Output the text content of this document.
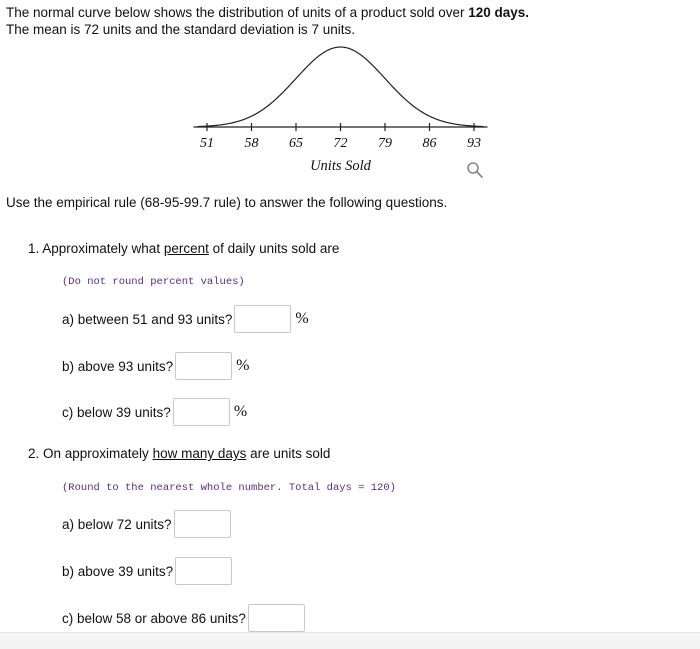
The normal curve below shows the distribution of units of a product sold over 120 days.
The mean is 72 units and the standard deviation is 7 units.
51 58 65 72 79 86 93
Units Sold
Use the empirical rule (68-95-99.7 rule) to answer the following questions.
1. Approximately what percent of daily units sold are
(Do not round percent values)
a) between 51 and 93 units?	%
b) above 93 units?	%
c) below 39 units?	%
2. On approximately how many days are units sold
(Round to the nearest whole number. Total days = 120)
a) below 72 units?
b) above 39 units?
c) below 58 or above 86 units?
